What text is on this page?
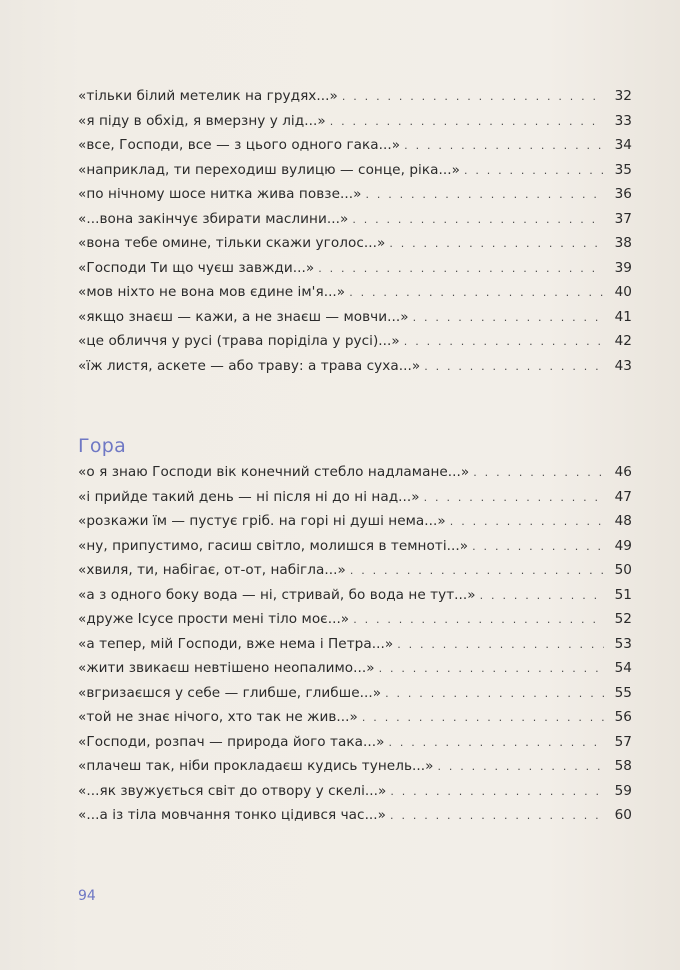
«тільки білий метелик на грудях...» . . .	32
«я піду в обхід, я вмерзну у лід...» . . .	33
«все, Господи, все — з цього одного гака...» . . .	34
«наприклад, ти переходиш вулицю — сонце, ріка...» . . .	35
«по нічному шосе нитка жива повзе...» . . .	36
«...вона закінчує збирати маслини...» . . .	37
«вона тебе омине, тільки скажи уголос...» . . .	38
«Господи Ти що чуєш завжди...» . . .	39
«мов ніхто не вона мов єдине ім'я...» . . .	40
«якщо знаєш — кажи, а не знаєш — мовчи...» . . .	41
«це обличчя у русі (трава поріділа у русі)...» . . .	42
«їж листя, аскете — або траву: а трава суха...» . . .	43
Гора
«о я знаю Господи вік конечний стебло надламане...» . . .	46
«і прийде такий день — ні після ні до ні над...» . . .	47
«розкажи їм — пустує гріб. на горі ні душі нема...» . . .	48
«ну, припустимо, гасиш світло, молишся в темноті...» . . .	49
«хвиля, ти, набігає, от-от, набігла...» . . .	50
«а з одного боку вода — ні, стривай, бо вода не тут...» . . .	51
«друже Ісусе прости мені тіло моє...» . . .	52
«а тепер, мій Господи, вже нема і Петра...» . . .	53
«жити звикаєш невтішено неопалимо...» . . .	54
«вгризаєшся у себе — глибше, глибше...» . . .	55
«той не знає нічого, хто так не жив...» . . .	56
«Господи, розпач — природа його така...» . . .	57
«плачеш так, ніби прокладаєш кудись тунель...» . . .	58
«...як звужується світ до отвору у скелі...» . . .	59
«...а із тіла мовчання тонко цідився час...» . . .	60
94
